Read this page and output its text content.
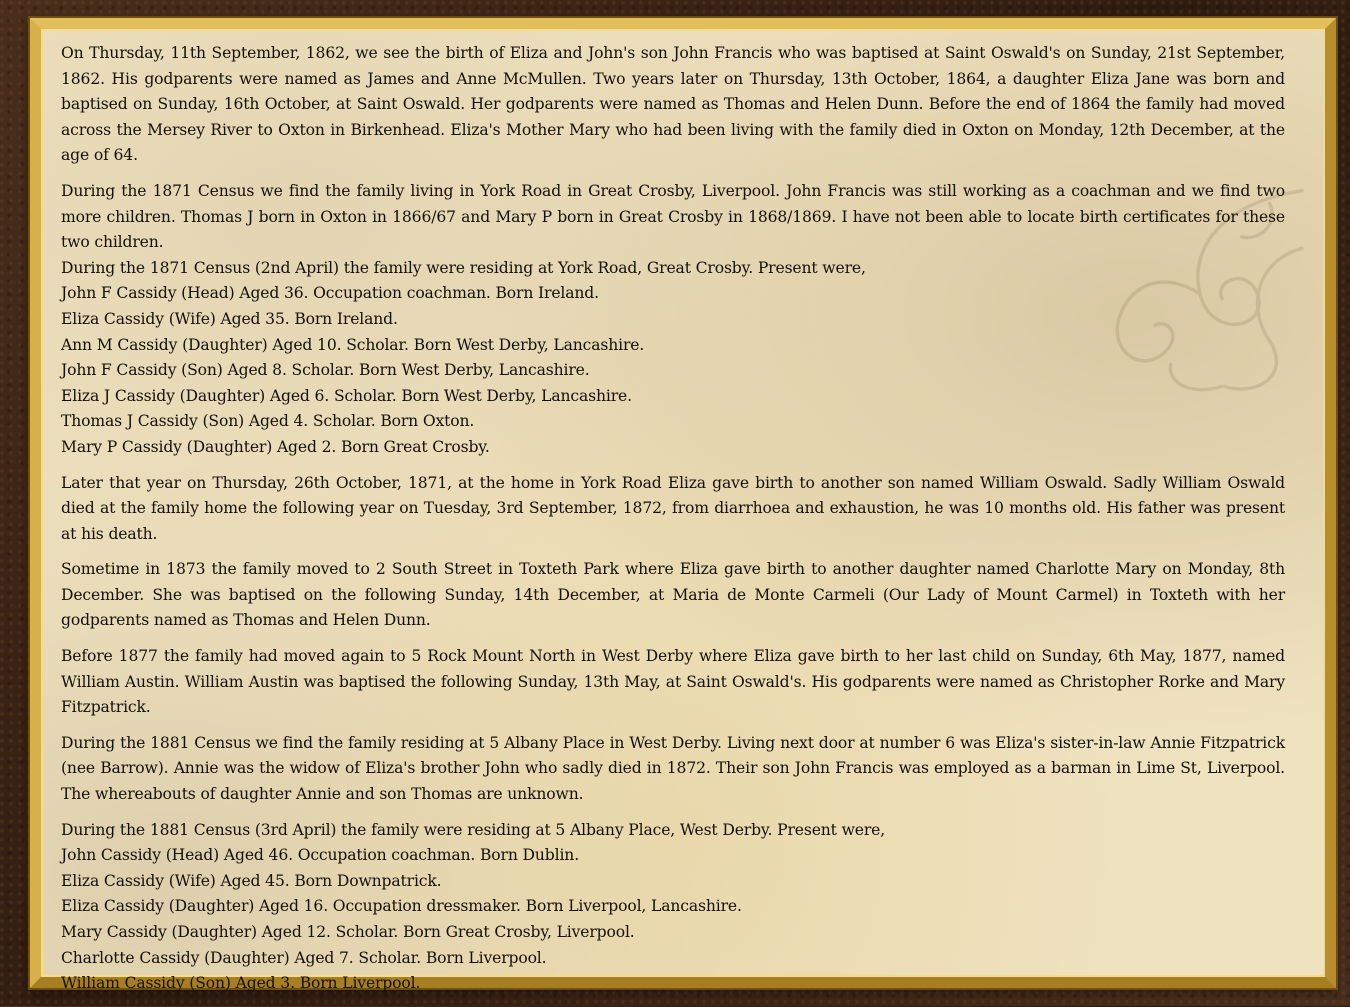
On Thursday, 11th September, 1862, we see the birth of Eliza and John's son John Francis who was baptised at Saint Oswald's on Sunday, 21st September, 1862. His godparents were named as James and Anne McMullen. Two years later on Thursday, 13th October, 1864, a daughter Eliza Jane was born and baptised on Sunday, 16th October, at Saint Oswald. Her godparents were named as Thomas and Helen Dunn. Before the end of 1864 the family had moved across the Mersey River to Oxton in Birkenhead. Eliza's Mother Mary who had been living with the family died in Oxton on Monday, 12th December, at the age of 64.

During the 1871 Census we find the family living in York Road in Great Crosby, Liverpool. John Francis was still working as a coachman and we find two more children. Thomas J born in Oxton in 1866/67 and Mary P born in Great Crosby in 1868/1869. I have not been able to locate birth certificates for these two children.

During the 1871 Census (2nd April) the family were residing at York Road, Great Crosby. Present were,

John F Cassidy (Head) Aged 36. Occupation coachman. Born Ireland.

Eliza Cassidy (Wife) Aged 35. Born Ireland.

Ann M Cassidy (Daughter) Aged 10. Scholar. Born West Derby, Lancashire.

John F Cassidy (Son) Aged 8. Scholar. Born West Derby, Lancashire.

Eliza J Cassidy (Daughter) Aged 6. Scholar. Born West Derby, Lancashire.

Thomas J Cassidy (Son) Aged 4. Scholar. Born Oxton.

Mary P Cassidy (Daughter) Aged 2. Born Great Crosby.

Later that year on Thursday, 26th October, 1871, at the home in York Road Eliza gave birth to another son named William Oswald. Sadly William Oswald died at the family home the following year on Tuesday, 3rd September, 1872, from diarrhoea and exhaustion, he was 10 months old. His father was present at his death.

Sometime in 1873 the family moved to 2 South Street in Toxteth Park where Eliza gave birth to another daughter named Charlotte Mary on Monday, 8th December. She was baptised on the following Sunday, 14th December, at Maria de Monte Carmeli (Our Lady of Mount Carmel) in Toxteth with her godparents named as Thomas and Helen Dunn.

Before 1877 the family had moved again to 5 Rock Mount North in West Derby where Eliza gave birth to her last child on Sunday, 6th May, 1877, named William Austin. William Austin was baptised the following Sunday, 13th May, at Saint Oswald's. His godparents were named as Christopher Rorke and Mary Fitzpatrick.

During the 1881 Census we find the family residing at 5 Albany Place in West Derby. Living next door at number 6 was Eliza's sister-in-law Annie Fitzpatrick (nee Barrow). Annie was the widow of Eliza's brother John who sadly died in 1872. Their son John Francis was employed as a barman in Lime St, Liverpool. The whereabouts of daughter Annie and son Thomas are unknown.

During the 1881 Census (3rd April) the family were residing at 5 Albany Place, West Derby. Present were,

John Cassidy (Head) Aged 46. Occupation coachman. Born Dublin.

Eliza Cassidy (Wife) Aged 45. Born Downpatrick.

Eliza Cassidy (Daughter) Aged 16. Occupation dressmaker. Born Liverpool, Lancashire.

Mary Cassidy (Daughter) Aged 12. Scholar. Born Great Crosby, Liverpool.

Charlotte Cassidy (Daughter) Aged 7. Scholar. Born Liverpool.

William Cassidy (Son) Aged 3. Born Liverpool.
